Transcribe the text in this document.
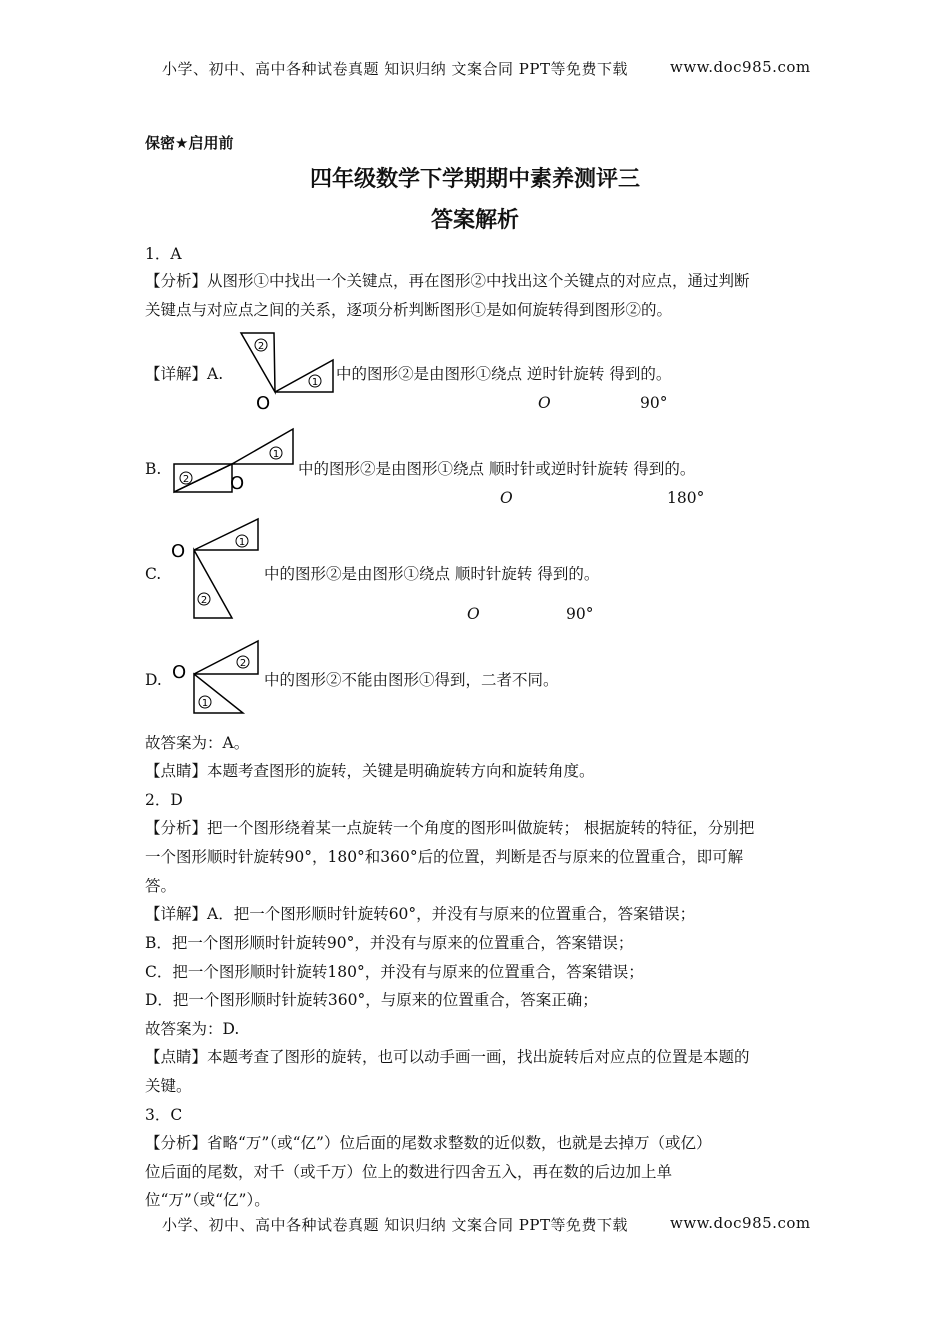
小学、初中、高中各种试卷真题 知识归纳 文案合同 PPT等免费下载	www.doc985.com
保密★启用前
四年级数学下学期期中素养测评三
答案解析
1．A
【分析】从图形①中找出一个关键点，再在图形②中找出这个关键点的对应点，通过判断
关键点与对应点之间的关系，逐项分析判断图形①是如何旋转得到图形②的。
【详解】A.
2
1
O
中的图形②是由图形①绕点 逆时针旋转 得到的。
O	90°
B.
2
1
O
中的图形②是由图形①绕点 顺时针或逆时针旋转 得到的。
O	180°
C.
1
2
O
中的图形②是由图形①绕点 顺时针旋转 得到的。
O	90°
D.
2
1
O	中的图形②不能由图形①得到，二者不同。
故答案为：A。
【点睛】本题考查图形的旋转，关键是明确旋转方向和旋转角度。
2．D
【分析】把一个图形绕着某一点旋转一个角度的图形叫做旋转； 根据旋转的特征，分别把
一个图形顺时针旋转90°，180°和360°后的位置，判断是否与原来的位置重合，即可解
答。
【详解】A．把一个图形顺时针旋转60°，并没有与原来的位置重合，答案错误；
B．把一个图形顺时针旋转90°，并没有与原来的位置重合，答案错误；
C．把一个图形顺时针旋转180°，并没有与原来的位置重合，答案错误；
D．把一个图形顺时针旋转360°，与原来的位置重合，答案正确；
故答案为：D.
【点睛】本题考查了图形的旋转，也可以动手画一画，找出旋转后对应点的位置是本题的
关键。
3．C
【分析】省略“万”（或“亿”）位后面的尾数求整数的近似数，也就是去掉万（或亿）
位后面的尾数，对千（或千万）位上的数进行四舍五入，再在数的后边加上单
位“万”（或“亿”）。
小学、初中、高中各种试卷真题 知识归纳 文案合同 PPT等免费下载	www.doc985.com
